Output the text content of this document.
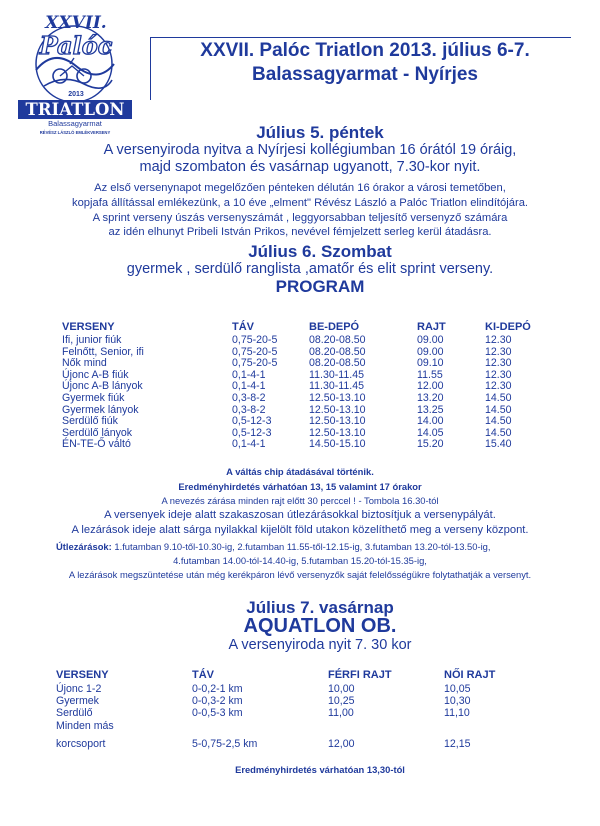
XXVII.
Palóc
2013
TRIATLON
Balassagyarmat
RÉVÉSZ LÁSZLÓ EMLÉKVERSENY
XXVII. Palóc Triatlon 2013. július 6-7.
Balassagyarmat - Nyírjes
Július 5. péntek
A versenyiroda nyitva a Nyírjesi kollégiumban 16 órától 19 óráig,
majd szombaton és vasárnap ugyanott, 7.30-kor nyit.
Az első versenynapot megelőzően pénteken délután 16 órakor a városi temetőben,
kopjafa állítással emlékezünk, a 10 éve „elment" Révész László a Palóc Triatlon elindítójára.
A sprint verseny úszás versenyszámát , leggyorsabban teljesítő versenyző számára
az idén elhunyt Pribeli István Prikos, nevével fémjelzett serleg kerül átadásra.
Július 6. Szombat
gyermek , serdülő ranglista ,amatőr és elit sprint verseny.
PROGRAM
VERSENY	TÁV	BE-DEPÓ	RAJT	KI-DEPÓ
Ifi, junior fiúk	0,75-20-5	08.20-08.50	09.00	12.30
Felnőtt, Senior, ifi	0,75-20-5	08.20-08.50	09.00	12.30
Nők mind	0,75-20-5	08.20-08.50	09.10	12.30
Újonc A-B fiúk	0,1-4-1	11.30-11.45	11.55	12.30
Újonc A-B lányok	0,1-4-1	11.30-11.45	12.00	12.30
Gyermek fiúk	0,3-8-2	12.50-13.10	13.20	14.50
Gyermek lányok	0,3-8-2	12.50-13.10	13.25	14.50
Serdülő fiúk	0,5-12-3	12.50-13.10	14.00	14.50
Serdülő lányok	0,5-12-3	12.50-13.10	14.05	14.50
ÉN-TE-Ő váltó	0,1-4-1	14.50-15.10	15.20	15.40
A váltás chip átadásával történik.
Eredményhirdetés várhatóan 13, 15 valamint 17 órakor
A nevezés zárása minden rajt előtt 30 perccel ! - Tombola 16.30-tól
A versenyek ideje alatt szakaszosan útlezárásokkal biztosítjuk a versenypályát.
A lezárások ideje alatt sárga nyilakkal kijelölt föld utakon közelíthető meg a verseny központ.
Útlezárások: 1.futamban 9.10-től-10.30-ig, 2.futamban 11.55-től-12.15-ig, 3.futamban 13.20-tól-13.50-ig,
4.futamban 14.00-tól-14.40-ig, 5.futamban 15.20-tól-15.35-ig,
A lezárások megszüntetése után még kerékpáron lévő versenyzők saját felelősségükre folytathatják a versenyt.
Július 7. vasárnap
AQUATLON OB.
A versenyiroda nyit 7. 30 kor
VERSENY	TÁV	FÉRFI RAJT	NŐI RAJT
Újonc 1-2	0-0,2-1 km	10,00	10,05
Gyermek	0-0,3-2 km	10,25	10,30
Serdülő	0-0,5-3 km	11,00	11,10
Minden más			
korcsoport	5-0,75-2,5 km	12,00	12,15
Eredményhirdetés várhatóan 13,30-tól
